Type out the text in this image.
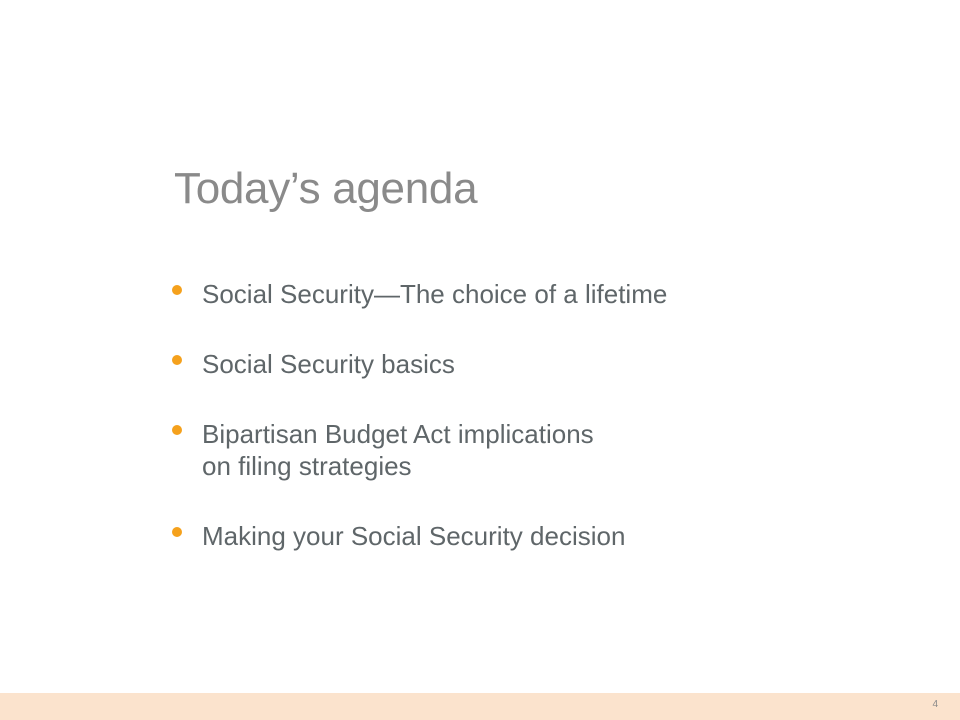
Today’s agenda
Social Security—The choice of a lifetime
Social Security basics
Bipartisan Budget Act implications
on filing strategies
Making your Social Security decision
4
